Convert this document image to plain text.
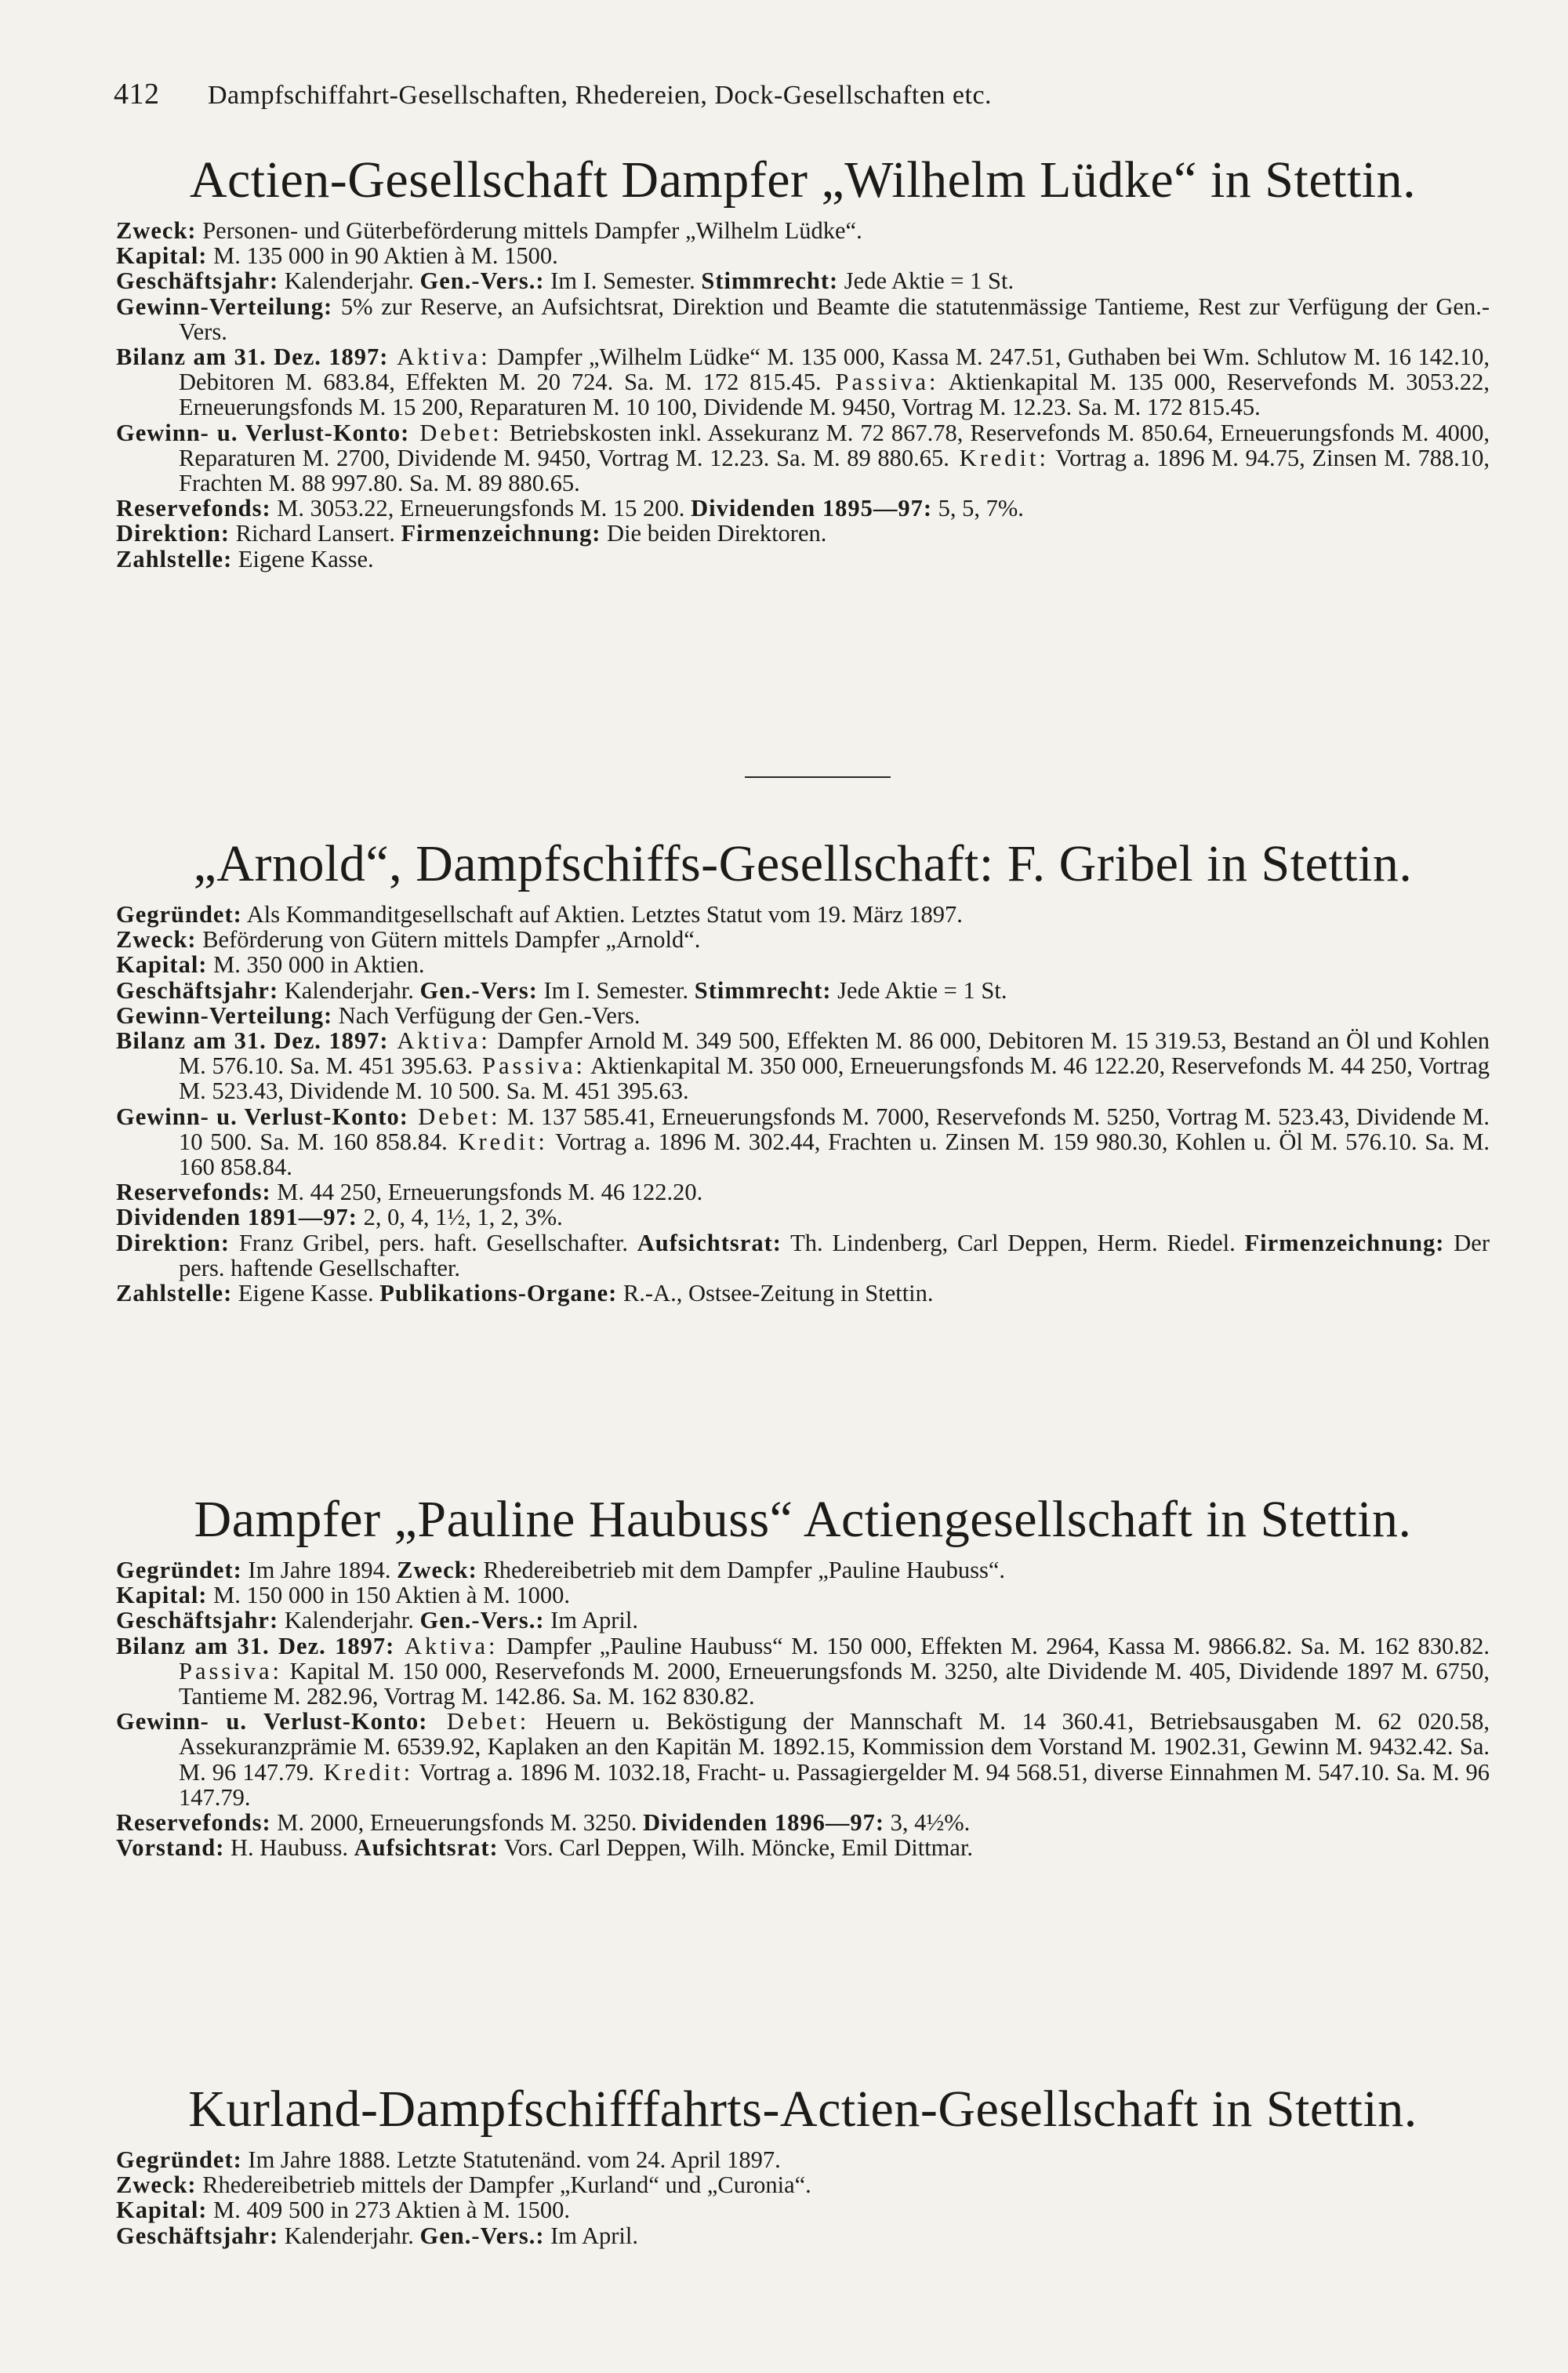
412 Dampfschiffahrt-Gesellschaften, Rhedereien, Dock-Gesellschaften etc.
Actien-Gesellschaft Dampfer „Wilhelm Lüdke“ in Stettin.

Zweck: Personen- und Güterbeförderung mittels Dampfer „Wilhelm Lüdke“.

Kapital: M. 135 000 in 90 Aktien à M. 1500.

Geschäftsjahr: Kalenderjahr. Gen.-Vers.: Im I. Semester. Stimmrecht: Jede Aktie = 1 St.

Gewinn-Verteilung: 5% zur Reserve, an Aufsichtsrat, Direktion und Beamte die statutenmässige Tantieme, Rest zur Verfügung der Gen.-Vers.

Bilanz am 31. Dez. 1897: Aktiva: Dampfer „Wilhelm Lüdke“ M. 135 000, Kassa M. 247.51, Guthaben bei Wm. Schlutow M. 16 142.10, Debitoren M. 683.84, Effekten M. 20 724. Sa. M. 172 815.45. Passiva: Aktienkapital M. 135 000, Reservefonds M. 3053.22, Erneuerungsfonds M. 15 200, Reparaturen M. 10 100, Dividende M. 9450, Vortrag M. 12.23. Sa. M. 172 815.45.

Gewinn- u. Verlust-Konto: Debet: Betriebskosten inkl. Assekuranz M. 72 867.78, Reservefonds M. 850.64, Erneuerungsfonds M. 4000, Reparaturen M. 2700, Dividende M. 9450, Vortrag M. 12.23. Sa. M. 89 880.65. Kredit: Vortrag a. 1896 M. 94.75, Zinsen M. 788.10, Frachten M. 88 997.80. Sa. M. 89 880.65.

Reservefonds: M. 3053.22, Erneuerungsfonds M. 15 200. Dividenden 1895—97: 5, 5, 7%.

Direktion: Richard Lansert. Firmenzeichnung: Die beiden Direktoren.

Zahlstelle: Eigene Kasse.

„Arnold“, Dampfschiffs-Gesellschaft: F. Gribel in Stettin.

Gegründet: Als Kommanditgesellschaft auf Aktien. Letztes Statut vom 19. März 1897.

Zweck: Beförderung von Gütern mittels Dampfer „Arnold“.

Kapital: M. 350 000 in Aktien.

Geschäftsjahr: Kalenderjahr. Gen.-Vers: Im I. Semester. Stimmrecht: Jede Aktie = 1 St.

Gewinn-Verteilung: Nach Verfügung der Gen.-Vers.

Bilanz am 31. Dez. 1897: Aktiva: Dampfer Arnold M. 349 500, Effekten M. 86 000, Debitoren M. 15 319.53, Bestand an Öl und Kohlen M. 576.10. Sa. M. 451 395.63. Passiva: Aktienkapital M. 350 000, Erneuerungsfonds M. 46 122.20, Reservefonds M. 44 250, Vortrag M. 523.43, Dividende M. 10 500. Sa. M. 451 395.63.

Gewinn- u. Verlust-Konto: Debet: M. 137 585.41, Erneuerungsfonds M. 7000, Reservefonds M. 5250, Vortrag M. 523.43, Dividende M. 10 500. Sa. M. 160 858.84. Kredit: Vortrag a. 1896 M. 302.44, Frachten u. Zinsen M. 159 980.30, Kohlen u. Öl M. 576.10. Sa. M. 160 858.84.

Reservefonds: M. 44 250, Erneuerungsfonds M. 46 122.20.

Dividenden 1891—97: 2, 0, 4, 1½, 1, 2, 3%.

Direktion: Franz Gribel, pers. haft. Gesellschafter. Aufsichtsrat: Th. Lindenberg, Carl Deppen, Herm. Riedel. Firmenzeichnung: Der pers. haftende Gesellschafter.

Zahlstelle: Eigene Kasse. Publikations-Organe: R.-A., Ostsee-Zeitung in Stettin.

Dampfer „Pauline Haubuss“ Actiengesellschaft in Stettin.

Gegründet: Im Jahre 1894. Zweck: Rhedereibetrieb mit dem Dampfer „Pauline Haubuss“.

Kapital: M. 150 000 in 150 Aktien à M. 1000.

Geschäftsjahr: Kalenderjahr. Gen.-Vers.: Im April.

Bilanz am 31. Dez. 1897: Aktiva: Dampfer „Pauline Haubuss“ M. 150 000, Effekten M. 2964, Kassa M. 9866.82. Sa. M. 162 830.82. Passiva: Kapital M. 150 000, Reservefonds M. 2000, Erneuerungsfonds M. 3250, alte Dividende M. 405, Dividende 1897 M. 6750, Tantieme M. 282.96, Vortrag M. 142.86. Sa. M. 162 830.82.

Gewinn- u. Verlust-Konto: Debet: Heuern u. Beköstigung der Mannschaft M. 14 360.41, Betriebsausgaben M. 62 020.58, Assekuranzprämie M. 6539.92, Kaplaken an den Kapitän M. 1892.15, Kommission dem Vorstand M. 1902.31, Gewinn M. 9432.42. Sa. M. 96 147.79. Kredit: Vortrag a. 1896 M. 1032.18, Fracht- u. Passagiergelder M. 94 568.51, diverse Einnahmen M. 547.10. Sa. M. 96 147.79.

Reservefonds: M. 2000, Erneuerungsfonds M. 3250. Dividenden 1896—97: 3, 4½%.

Vorstand: H. Haubuss. Aufsichtsrat: Vors. Carl Deppen, Wilh. Möncke, Emil Dittmar.

Kurland-Dampfschifffahrts-Actien-Gesellschaft in Stettin.

Gegründet: Im Jahre 1888. Letzte Statutenänd. vom 24. April 1897.

Zweck: Rhedereibetrieb mittels der Dampfer „Kurland“ und „Curonia“.

Kapital: M. 409 500 in 273 Aktien à M. 1500.

Geschäftsjahr: Kalenderjahr. Gen.-Vers.: Im April.
